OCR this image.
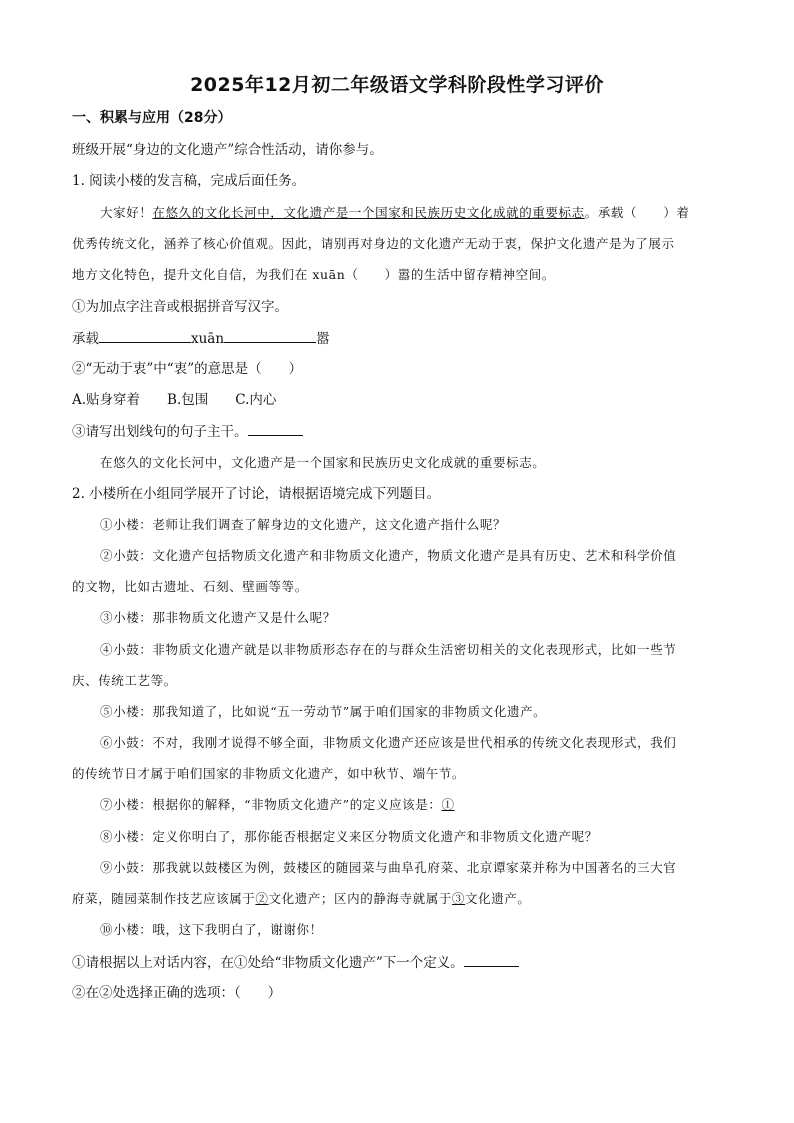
2025年12月初二年级语文学科阶段性学习评价
一、积累与应用（28分）
班级开展“身边的文化遗产”综合性活动，请你参与。
1. 阅读小楼的发言稿，完成后面任务。
大家好！在悠久的文化长河中，文化遗产是一个国家和民族历史文化成就的重要标志。承载（　　）着
优秀传统文化，涵养了核心价值观。因此，请别再对身边的文化遗产无动于衷，保护文化遗产是为了展示
地方文化特色，提升文化自信，为我们在 xuān（　　）嚣的生活中留存精神空间。
①为加点字注音或根据拼音写汉字。
承载	xuān	嚣
②“无动于衷”中“衷”的意思是（　　）
A.贴身穿着　　B.包围　　C.内心
③请写出划线句的句子主干。
在悠久的文化长河中，文化遗产是一个国家和民族历史文化成就的重要标志。
2. 小楼所在小组同学展开了讨论，请根据语境完成下列题目。
①小楼：老师让我们调查了解身边的文化遗产，这文化遗产指什么呢？
②小鼓：文化遗产包括物质文化遗产和非物质文化遗产，物质文化遗产是具有历史、艺术和科学价值
的文物，比如古遗址、石刻、壁画等等。
③小楼：那非物质文化遗产又是什么呢？
④小鼓：非物质文化遗产就是以非物质形态存在的与群众生活密切相关的文化表现形式，比如一些节
庆、传统工艺等。
⑤小楼：那我知道了，比如说“五一劳动节”属于咱们国家的非物质文化遗产。
⑥小鼓：不对，我刚才说得不够全面，非物质文化遗产还应该是世代相承的传统文化表现形式，我们
的传统节日才属于咱们国家的非物质文化遗产，如中秋节、端午节。
⑦小楼：根据你的解释，“非物质文化遗产”的定义应该是：①
⑧小楼：定义你明白了，那你能否根据定义来区分物质文化遗产和非物质文化遗产呢？
⑨小鼓：那我就以鼓楼区为例，鼓楼区的随园菜与曲阜孔府菜、北京谭家菜并称为中国著名的三大官
府菜，随园菜制作技艺应该属于②文化遗产；区内的静海寺就属于③文化遗产。
⑩小楼：哦，这下我明白了，谢谢你！
①请根据以上对话内容，在①处给“非物质文化遗产”下一个定义。
②在②处选择正确的选项：（　　）
